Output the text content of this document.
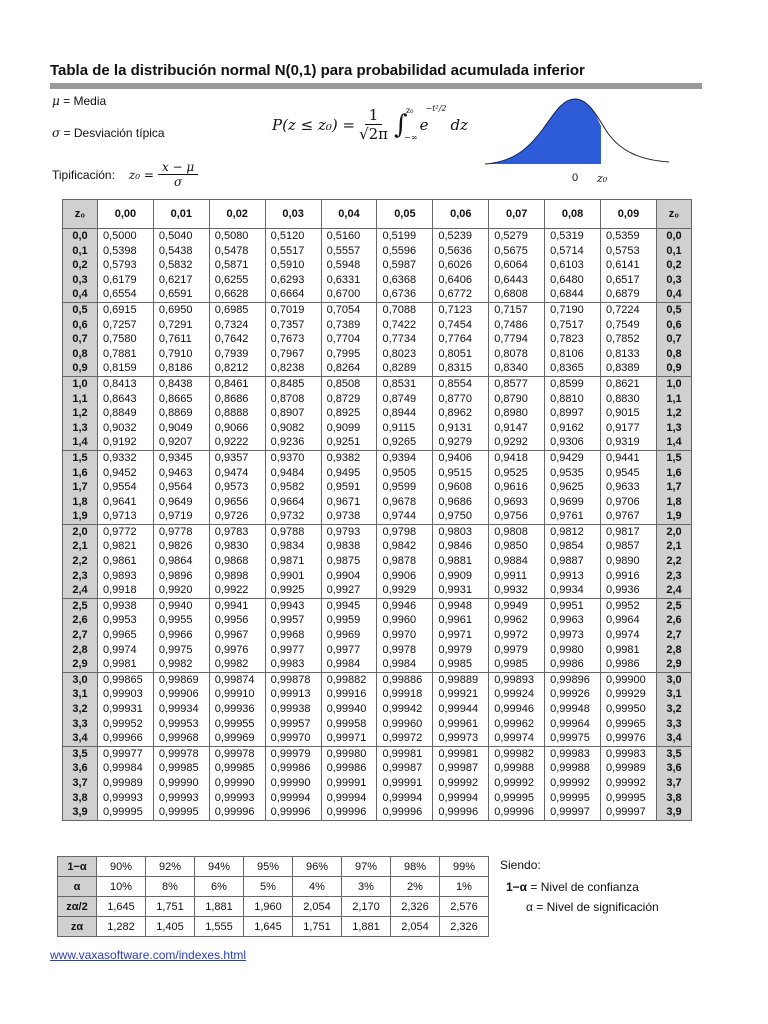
Tabla de la distribución normal N(0,1) para probabilidad acumulada inferior
μ = Media
σ = Desviación típica
Tipificación: $z_0 = \frac{x - \mu}{\sigma}$
$P(z \le z_0) = \frac{1}{√2\pi}$ ∫
z₀
−∞
e
−t²/2
dz
0 z₀
z₀	0,00	0,01	0,02	0,03	0,04	0,05	0,06	0,07	0,08	0,09	z₀
0,0	0,5000	0,5040	0,5080	0,5120	0,5160	0,5199	0,5239	0,5279	0,5319	0,5359	0,0
0,1	0,5398	0,5438	0,5478	0,5517	0,5557	0,5596	0,5636	0,5675	0,5714	0,5753	0,1
0,2	0,5793	0,5832	0,5871	0,5910	0,5948	0,5987	0,6026	0,6064	0,6103	0,6141	0,2
0,3	0,6179	0,6217	0,6255	0,6293	0,6331	0,6368	0,6406	0,6443	0,6480	0,6517	0,3
0,4	0,6554	0,6591	0,6628	0,6664	0,6700	0,6736	0,6772	0,6808	0,6844	0,6879	0,4
0,5	0,6915	0,6950	0,6985	0,7019	0,7054	0,7088	0,7123	0,7157	0,7190	0,7224	0,5
0,6	0,7257	0,7291	0,7324	0,7357	0,7389	0,7422	0,7454	0,7486	0,7517	0,7549	0,6
0,7	0,7580	0,7611	0,7642	0,7673	0,7704	0,7734	0,7764	0,7794	0,7823	0,7852	0,7
0,8	0,7881	0,7910	0,7939	0,7967	0,7995	0,8023	0,8051	0,8078	0,8106	0,8133	0,8
0,9	0,8159	0,8186	0,8212	0,8238	0,8264	0,8289	0,8315	0,8340	0,8365	0,8389	0,9
1,0	0,8413	0,8438	0,8461	0,8485	0,8508	0,8531	0,8554	0,8577	0,8599	0,8621	1,0
1,1	0,8643	0,8665	0,8686	0,8708	0,8729	0,8749	0,8770	0,8790	0,8810	0,8830	1,1
1,2	0,8849	0,8869	0,8888	0,8907	0,8925	0,8944	0,8962	0,8980	0,8997	0,9015	1,2
1,3	0,9032	0,9049	0,9066	0,9082	0,9099	0,9115	0,9131	0,9147	0,9162	0,9177	1,3
1,4	0,9192	0,9207	0,9222	0,9236	0,9251	0,9265	0,9279	0,9292	0,9306	0,9319	1,4
1,5	0,9332	0,9345	0,9357	0,9370	0,9382	0,9394	0,9406	0,9418	0,9429	0,9441	1,5
1,6	0,9452	0,9463	0,9474	0,9484	0,9495	0,9505	0,9515	0,9525	0,9535	0,9545	1,6
1,7	0,9554	0,9564	0,9573	0,9582	0,9591	0,9599	0,9608	0,9616	0,9625	0,9633	1,7
1,8	0,9641	0,9649	0,9656	0,9664	0,9671	0,9678	0,9686	0,9693	0,9699	0,9706	1,8
1,9	0,9713	0,9719	0,9726	0,9732	0,9738	0,9744	0,9750	0,9756	0,9761	0,9767	1,9
2,0	0,9772	0,9778	0,9783	0,9788	0,9793	0,9798	0,9803	0,9808	0,9812	0,9817	2,0
2,1	0,9821	0,9826	0,9830	0,9834	0,9838	0,9842	0,9846	0,9850	0,9854	0,9857	2,1
2,2	0,9861	0,9864	0,9868	0,9871	0,9875	0,9878	0,9881	0,9884	0,9887	0,9890	2,2
2,3	0,9893	0,9896	0,9898	0,9901	0,9904	0,9906	0,9909	0,9911	0,9913	0,9916	2,3
2,4	0,9918	0,9920	0,9922	0,9925	0,9927	0,9929	0,9931	0,9932	0,9934	0,9936	2,4
2,5	0,9938	0,9940	0,9941	0,9943	0,9945	0,9946	0,9948	0,9949	0,9951	0,9952	2,5
2,6	0,9953	0,9955	0,9956	0,9957	0,9959	0,9960	0,9961	0,9962	0,9963	0,9964	2,6
2,7	0,9965	0,9966	0,9967	0,9968	0,9969	0,9970	0,9971	0,9972	0,9973	0,9974	2,7
2,8	0,9974	0,9975	0,9976	0,9977	0,9977	0,9978	0,9979	0,9979	0,9980	0,9981	2,8
2,9	0,9981	0,9982	0,9982	0,9983	0,9984	0,9984	0,9985	0,9985	0,9986	0,9986	2,9
3,0	0,99865	0,99869	0,99874	0,99878	0,99882	0,99886	0,99889	0,99893	0,99896	0,99900	3,0
3,1	0,99903	0,99906	0,99910	0,99913	0,99916	0,99918	0,99921	0,99924	0,99926	0,99929	3,1
3,2	0,99931	0,99934	0,99936	0,99938	0,99940	0,99942	0,99944	0,99946	0,99948	0,99950	3,2
3,3	0,99952	0,99953	0,99955	0,99957	0,99958	0,99960	0,99961	0,99962	0,99964	0,99965	3,3
3,4	0,99966	0,99968	0,99969	0,99970	0,99971	0,99972	0,99973	0,99974	0,99975	0,99976	3,4
3,5	0,99977	0,99978	0,99978	0,99979	0,99980	0,99981	0,99981	0,99982	0,99983	0,99983	3,5
3,6	0,99984	0,99985	0,99985	0,99986	0,99986	0,99987	0,99987	0,99988	0,99988	0,99989	3,6
3,7	0,99989	0,99990	0,99990	0,99990	0,99991	0,99991	0,99992	0,99992	0,99992	0,99992	3,7
3,8	0,99993	0,99993	0,99993	0,99994	0,99994	0,99994	0,99994	0,99995	0,99995	0,99995	3,8
3,9	0,99995	0,99995	0,99996	0,99996	0,99996	0,99996	0,99996	0,99996	0,99997	0,99997	3,9
1−α	90%	92%	94%	95%	96%	97%	98%	99%
α	10%	8%	6%	5%	4%	3%	2%	1%
zα/2	1,645	1,751	1,881	1,960	2,054	2,170	2,326	2,576
zα	1,282	1,405	1,555	1,645	1,751	1,881	2,054	2,326
Siendo:
1−α = Nivel de confianza
α = Nivel de significación
www.vaxasoftware.com/indexes.html
